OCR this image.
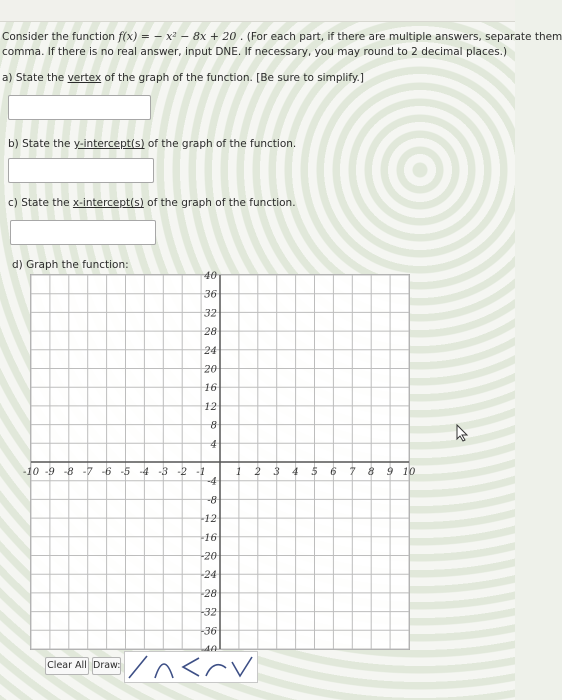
Consider the function f(x) = − x² − 8x + 20 . (For each part, if there are multiple answers, separate them
comma. If there is no real answer, input DNE. If necessary, you may round to 2 decimal places.)
a) State the vertex of the graph of the function. [Be sure to simplify.]
b) State the y-intercept(s) of the graph of the function.
c) State the x-intercept(s) of the graph of the function.
d) Graph the function:
-10 -9 -8 -7 -6 -5 -4 -3 -2 -1	1 2 3 4 5 6 7 8 9 10
40
36
32
28
24
20
16
12
8
4
-4
-8
-12
-16
-20
-24
-28
-32
-36
Clear All Draw:
